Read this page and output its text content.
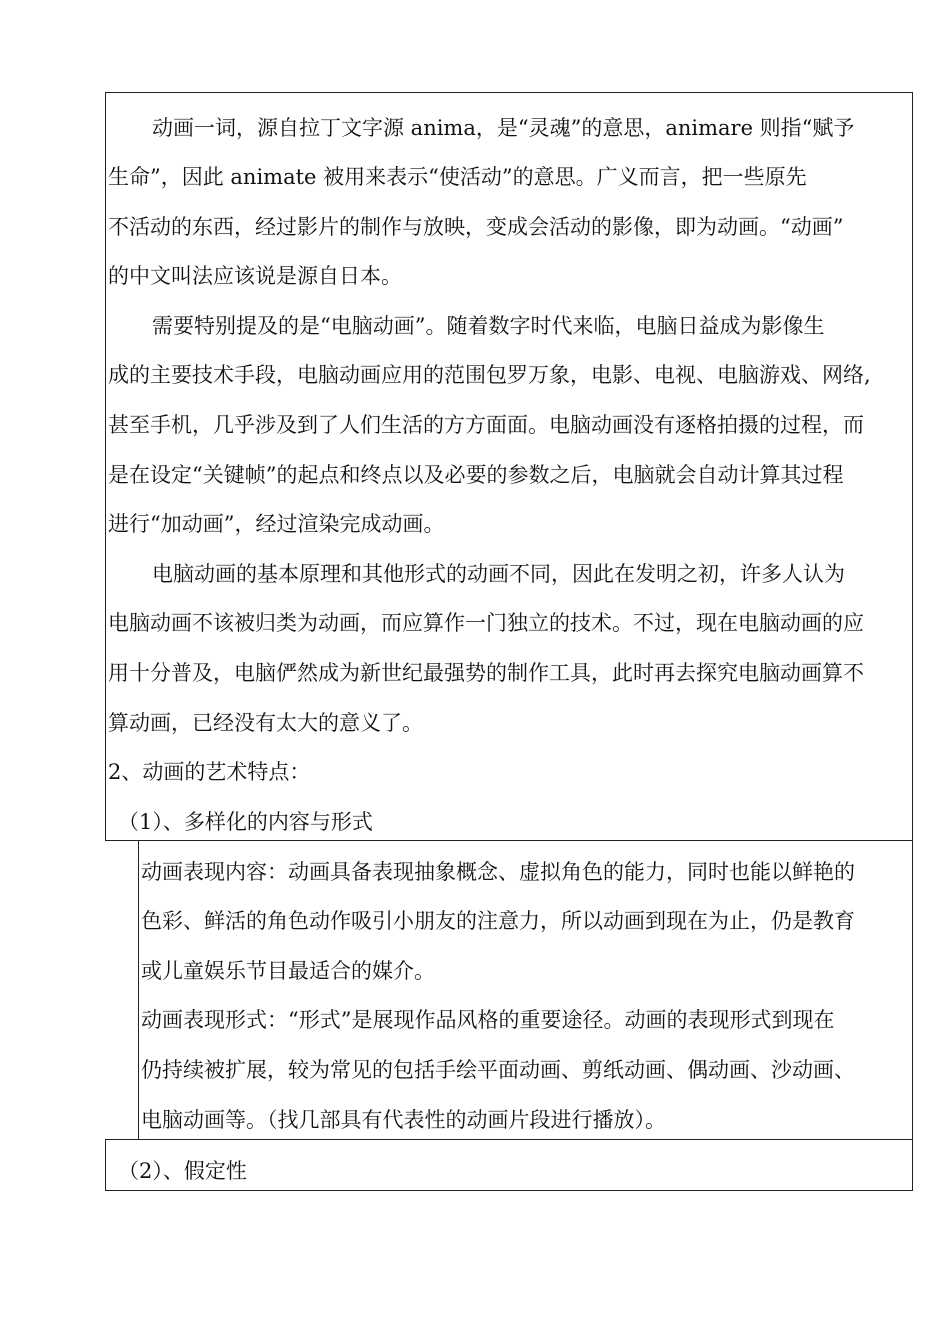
动画一词，源自拉丁文字源 anima，是“灵魂”的意思，animare 则指“赋予
生命”，因此 animate 被用来表示“使活动”的意思。广义而言，把一些原先
不活动的东西，经过影片的制作与放映，变成会活动的影像，即为动画。“动画”
的中文叫法应该说是源自日本。
需要特别提及的是“电脑动画”。随着数字时代来临，电脑日益成为影像生
成的主要技术手段，电脑动画应用的范围包罗万象，电影、电视、电脑游戏、网络,
甚至手机，几乎涉及到了人们生活的方方面面。电脑动画没有逐格拍摄的过程，而
是在设定“关键帧”的起点和终点以及必要的参数之后，电脑就会自动计算其过程
进行“加动画”，经过渲染完成动画。
电脑动画的基本原理和其他形式的动画不同，因此在发明之初，许多人认为
电脑动画不该被归类为动画，而应算作一门独立的技术。不过，现在电脑动画的应
用十分普及，电脑俨然成为新世纪最强势的制作工具，此时再去探究电脑动画算不
算动画，已经没有太大的意义了。
2、动画的艺术特点：
（1）、多样化的内容与形式
动画表现内容：动画具备表现抽象概念、虚拟角色的能力，同时也能以鲜艳的
色彩、鲜活的角色动作吸引小朋友的注意力，所以动画到现在为止，仍是教育
或儿童娱乐节目最适合的媒介。
动画表现形式：“形式”是展现作品风格的重要途径。动画的表现形式到现在
仍持续被扩展，较为常见的包括手绘平面动画、剪纸动画、偶动画、沙动画、
电脑动画等。（找几部具有代表性的动画片段进行播放）。
（2）、假定性
